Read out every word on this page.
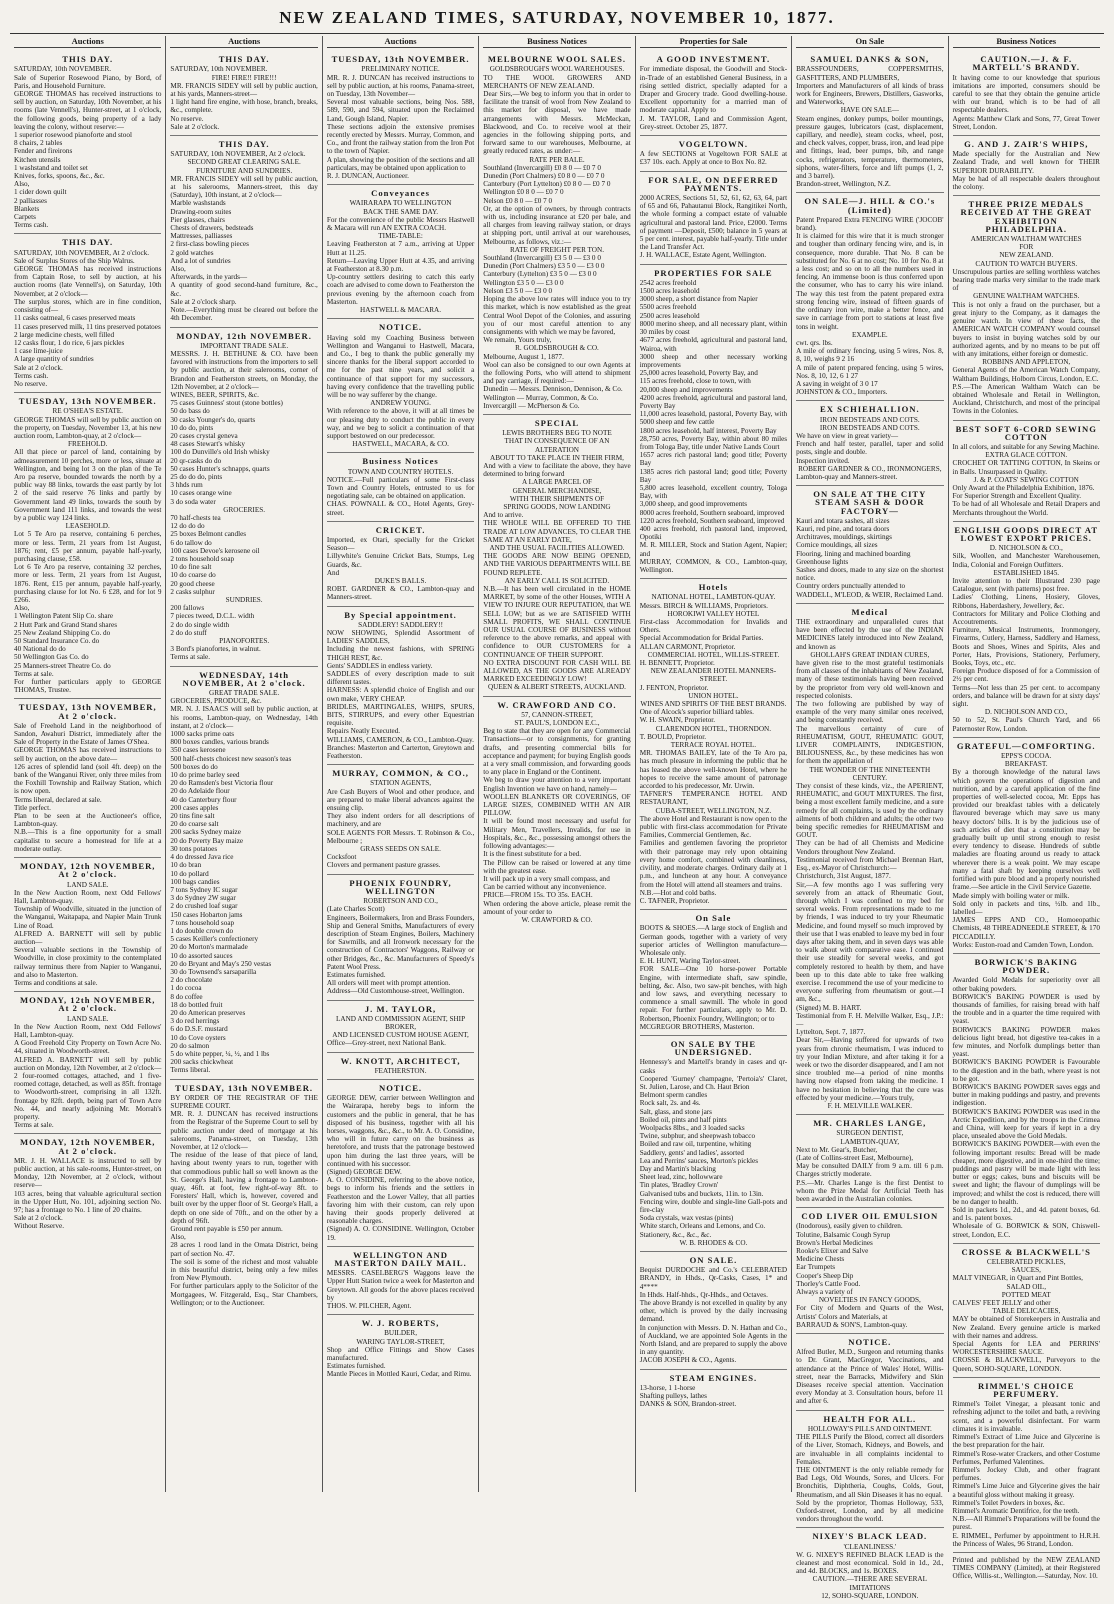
NEW ZEALAND TIMES, SATURDAY, NOVEMBER 10, 1877.
Auctions
THIS DAY.

SATURDAY, 10th NOVEMBER.

Sale of Superior Rosewood Piano, by Bord, of Paris, and Household Furniture.

GEORGE THOMAS has received instructions to sell by auction, on Saturday, 10th November, at his rooms (late Vennell's), Hunter-street, at 1 o'clock, the following goods, being property of a lady leaving the colony, without reserve:—

1 superior rosewood pianoforte and stool

8 chairs, 2 tables

Fender and fireirons

Kitchen utensils

1 washstand and toilet set

Knives, forks, spoons, &c., &c.

Also,

1 cider down quilt

2 palliasses

Blankets

Carpets

Terms cash.

THIS DAY.

SATURDAY, 10th NOVEMBER, At 2 o'clock.

Sale of Surplus Stores of the Ship Walrus.

GEORGE THOMAS has received instructions from Captain Rose, to sell by auction, at his auction rooms (late Vennell's), on Saturday, 10th November, at 2 o'clock—

The surplus stores, which are in fine condition, consisting of—

11 casks oatmeal, 6 cases preserved meats

11 cases preserved milk, 11 tins preserved potatoes

2 large medicine chests, well filled

12 casks flour, 1 do rice, 6 jars pickles

1 case lime-juice

A large quantity of sundries

Sale at 2 o'clock.

Terms cash.

No reserve.

TUESDAY, 13th NOVEMBER.

RE O'SHEA'S ESTATE.

GEORGE THOMAS will sell by public auction on the property, on Tuesday, November 13, at his new auction room, Lambton-quay, at 2 o'clock—

FREEHOLD.

All that piece or parcel of land, containing by admeasurement 10 perches, more or less, situate at Wellington, and being lot 3 on the plan of the Te Aro pa reserve, bounded towards the north by a public way 88 links, towards the east partly by lot 2 of the said reserve 76 links and partly by Government land 49 links, towards the south by Government land 111 links, and towards the west by a public way 124 links.

LEASEHOLD.

Lot 5 Te Aro pa reserve, containing 6 perches, more or less. Term, 21 years from 1st August, 1876; rent, £5 per annum, payable half-yearly, purchasing clause, £58.

Lot 6 Te Aro pa reserve, containing 32 perches, more or less. Term, 21 years from 1st August, 1876. Rent, £15 per annum, payable half-yearly, purchasing clause for lot No. 6 £28, and for lot 9 £266.

Also,

1 Wellington Patent Slip Co. share

2 Hutt Park and Grand Stand shares

25 New Zealand Shipping Co. do

50 Standard Insurance Co. do

40 National do do

50 Wellington Gas Co. do

25 Manners-street Theatre Co. do

Terms at sale.

For further particulars apply to GEORGE THOMAS, Trustee.

TUESDAY, 13th NOVEMBER, At 2 o'clock.

Sale of Freehold Land in the neighborhood of Sandon, Awahuri District, immediately after the Sale of Property in the Estate of James O'Shea.

GEORGE THOMAS has received instructions to sell by auction, on the above date—

126 acres of splendid land (soil 4ft. deep) on the bank of the Wanganui River, only three miles from the Foxhill Township and Railway Station, which is now open.

Terms liberal, declared at sale.

Title perfect.

Plan to be seen at the Auctioneer's office, Lambton-quay.

N.B.—This is a fine opportunity for a small capitalist to secure a homestead for life at a moderate outlay.

MONDAY, 12th NOVEMBER, At 2 o'clock.

LAND SALE.

In the New Auction Room, next Odd Fellows' Hall, Lambton-quay.

Township of Woodville, situated in the junction of the Wanganui, Waitapapa, and Napier Main Trunk Line of Road.

ALFRED A. BARNETT will sell by public auction—

Several valuable sections in the Township of Woodville, in close proximity to the contemplated railway terminus there from Napier to Wanganui, and also to Masterton.

Terms and conditions at sale.

MONDAY, 12th NOVEMBER, At 2 o'clock.

LAND SALE.

In the New Auction Room, next Odd Fellows' Hall, Lambton-quay.

A Good Freehold City Property on Town Acre No. 44, situated in Woodworth-street.

ALFRED A. BARNETT will sell by public auction on Monday, 12th November, at 2 o'clock—

2 four-roomed cottages, attached, and 1 five-roomed cottage, detached, as well as 85ft. frontage to Woodworth-street, comprising in all 132ft. frontage by 82ft. depth, being part of Town Acre No. 44, and nearly adjoining Mr. Morrah's property.

Terms at sale.

MONDAY, 12th NOVEMBER, At 2 o'clock.

MR. J. H. WALLACE is instructed to sell by public auction, at his sale-rooms, Hunter-street, on Monday, 12th November, at 2 o'clock, without reserve—

103 acres, being that valuable agricultural section in the Upper Hutt, No. 101, adjoining section No. 97; has a frontage to No. 1 line of 20 chains.

Sale at 2 o'clock.

Without Reserve.

Auctions
THIS DAY.

SATURDAY, 10th NOVEMBER.

FIRE! FIRE!! FIRE!!!

MR. FRANCIS SIDEY will sell by public auction, at his yards, Manners-street—

1 light hand fire engine, with hose, branch, breaks, &c., complete.

No reserve.

Sale at 2 o'clock.

THIS DAY.

SATURDAY, 10th NOVEMBER, At 2 o'clock.

SECOND GREAT CLEARING SALE.

FURNITURE AND SUNDRIES.

MR. FRANCIS SIDEY will sell by public auction, at his salerooms, Manners-street, this day (Saturday), 10th instant, at 2 o'clock—

Marble washstands

Drawing-room suites

Pier glasses, chairs

Chests of drawers, bedsteads

Mattresses, palliasses

2 first-class bowling pieces

2 gold watches

And a lot of sundries

Also,

Afterwards, in the yards—

A quantity of good second-hand furniture, &c., &c.

Sale at 2 o'clock sharp.

Note.—Everything must be cleared out before the 4th December.

MONDAY, 12th NOVEMBER.

IMPORTANT TRADE SALE.

MESSRS. J. H. BETHUNE & CO. have been favored with instructions from the importers to sell by public auction, at their salerooms, corner of Brandon and Featherston streets, on Monday, the 12th November, at 2 o'clock—

WINES, BEER, SPIRITS, &c.

75 cases Guinness' stout (stone bottles)

50 do bass do

30 casks Younger's do, quarts

10 do do, pints

20 cases crystal geneva

48 cases Stewart's whisky

100 do Dunville's old Irish whisky

20 qr-casks do do

50 cases Hunter's schnapps, quarts

25 do do do, pints

3 hhds rum

10 cases orange wine

3 do soda water

GROCERIES.

70 half-chests tea

12 do do do

25 boxes Belmont candles

6 do tallow do

100 cases Devoe's kerosene oil

2 tons household soap

10 do fine salt

10 do coarse do

20 good cheese

2 casks sulphur

SUNDRIES.

200 fallows

7 pieces tweed, D.C.L. width

2 do do single width

2 do do stuff

PIANOFORTES.

3 Bord's pianofortes, in walnut.

Terms at sale.

WEDNESDAY, 14th NOVEMBER, At 2 o'clock.

GREAT TRADE SALE.

GROCERIES, PRODUCE, &c.

MR. N. J. ISAACS will sell by public auction, at his rooms, Lambton-quay, on Wednesday, 14th instant, at 2 o'clock—

1000 sacks prime oats

800 boxes candles, various brands

350 cases kerosene

500 half-chests choicest new season's teas

500 boxes do do

10 do prime barley seed

20 do Ramsden's best Victoria flour

20 do Adelaide flour

40 do Canterbury flour

200 cases apples

20 tins fine salt

20 do coarse salt

200 sacks Sydney maize

20 do Poverty Bay maize

30 tons potatoes

4 do dressed Java rice

10 do bran

10 do pollard

100 bags candies

7 tons Sydney IC sugar

3 do Sydney 2W sugar

2 do crushed loaf sugar

150 cases Hobarton jams

7 tons household soap

1 do double crown do

5 cases Keiller's confectionery

20 do Morton's marmalade

10 do assorted sauces

20 do Bryant and May's 250 vestas

30 do Townsend's sarsaparilla

2 do chocolate

1 do cocoa

8 do coffee

18 do bottled fruit

20 do American preserves

3 do red herrings

6 do D.S.F. mustard

10 do Cove oysters

20 do salmon

5 do white pepper, ¼, ½, and 1 lbs

200 sacks chickwheat

Terms liberal.

TUESDAY, 13th NOVEMBER.

BY ORDER OF THE REGISTRAR OF THE SUPREME COURT.

MR. R. J. DUNCAN has received instructions from the Registrar of the Supreme Court to sell by public auction under deed of mortgage at his salerooms, Panama-street, on Tuesday, 13th November, at 12 o'clock—

The residue of the lease of that piece of land, having about twenty years to run, together with that commodious public hall so well known as the St. George's Hall, having a frontage to Lambton-quay, 46ft. at foot, few right-of-way 8ft. to Foresters' Hall, which is, however, covered and built over by the upper floor of St. George's Hall, a depth on one side of 70ft., and on the other by a depth of 96ft.

Ground rent payable is £50 per annum.

Also,

28 acres 1 rood land in the Omata District, being part of section No. 47.

The soil is some of the richest and most valuable in this beautiful district, being only a few miles from New Plymouth.

For further particulars apply to the Solicitor of the Mortgagees, W. Fitzgerald, Esq., Star Chambers, Wellington; or to the Auctioneer.

Auctions
TUESDAY, 13th NOVEMBER.

PRELIMINARY NOTICE.

MR. R. J. DUNCAN has received instructions to sell by public auction, at his rooms, Panama-street, on Tuesday, 13th November—

Several most valuable sections, being Nos. 588, 589, 590, and 594, situated upon the Reclaimed Land, Gough Island, Napier.

These sections adjoin the extensive premises recently erected by Messrs. Murray, Common, and Co., and front the railway station from the Iron Pot to the town of Napier.

A plan, showing the position of the sections and all particulars, may be obtained upon application to

R. J. DUNCAN, Auctioneer.

Conveyances

WAIRARAPA TO WELLINGTON

BACK THE SAME DAY.

For the convenience of the public Messrs Hastwell & Macara will run AN EXTRA COACH.

TIME-TABLE:

Leaving Featherston at 7 a.m., arriving at Upper Hutt at 11.25.

Return—Leaving Upper Hutt at 4.35, and arriving at Featherston at 8.30 p.m.

Up-country settlers desiring to catch this early coach are advised to come down to Featherston the previous evening by the afternoon coach from Masterton.

HASTWELL & MACARA.

NOTICE.

Having sold my Coaching Business between Wellington and Wanganui to Hastwell, Macara, and Co., I beg to thank the public generally my sincere thanks for the liberal support accorded to me for the past nine years, and solicit a continuance of that support for my successors, having every confidence that the travelling public will be no way sufferer by the change.

ANDREW YOUNG.

With reference to the above, it will at all times be our pleasing duty to conduct the public in every way, and we beg to solicit a continuation of that support bestowed on our predecessor.

HASTWELL, MACARA, & CO.

Business Notices

TOWN AND COUNTRY HOTELS.

NOTICE.—Full particulars of some First-class Town and Country Hotels, entrusted to us for negotiating sale, can be obtained on application.

CHAS. POWNALL & CO., Hotel Agents, Grey-street.

CRICKET.

Imported, ex Otari, specially for the Cricket Season—

Lillywhite's Genuine Cricket Bats, Stumps, Leg Guards, &c.

And

DUKE'S BALLS.

ROBT. GARDNER & CO., Lambton-quay and Manners-street.

By Special appointment.

SADDLERY! SADDLERY!!

NOW SHOWING, Splendid Assortment of LADIES' SADDLES,

Including the newest fashions, with SPRING THIGH REST, &c.

Gents' SADDLES in endless variety.

SADDLES of every description made to suit different tastes.

HARNESS: A splendid choice of English and our own make, VERY CHEAP.

BRIDLES, MARTINGALES, WHIPS, SPURS, BITS, STIRRUPS, and every other Equestrian requisite.

Repairs Neatly Executed.

WILLIAMS, CAMERON, & CO., Lambton-Quay.

Branches: Masterton and Carterton, Greytown and Featherston.

MURRAY, COMMON, & CO.,

STATION AGENTS,

Are Cash Buyers of Wool and other produce, and are prepared to make liberal advances against the ensuing clip.

They also indent orders for all descriptions of machinery, and are

SOLE AGENTS FOR Messrs. T. Robinson & Co., Melbourne ;

GRASS SEEDS ON SALE.

Cocksfoot

Clovers and permanent pasture grasses.

PHOENIX FOUNDRY, WELLINGTON

ROBERTSON AND CO.,

(Late Charles Scott)

Engineers, Boilermakers, Iron and Brass Founders, Ship and General Smiths, Manufacturers of every description of Steam Engines, Boilers, Machinery for Sawmills, and all Ironwork necessary for the construction of Contractors' Waggons, Railway or other Bridges, &c., &c. Manufacturers of Speedy's Patent Wool Press.

Estimates furnished.

All orders will meet with prompt attention.

Address—Old Customhouse-street, Wellington.

J. M. TAYLOR,

LAND AND COMMISSION AGENT, SHIP BROKER,

AND LICENSED CUSTOM HOUSE AGENT,

Office—Grey-street, next National Bank.

W. KNOTT, ARCHITECT,

FEATHERSTON.

NOTICE.

GEORGE DEW, carrier between Wellington and the Wairarapa, hereby begs to inform the customers and the public in general, that he has disposed of his business, together with all his horses, waggons, &c., &c., to Mr. A. O. Considine, who will in future carry on the business as heretofore, and trusts that the patronage bestowed upon him during the last three years, will be continued with his successor.

(Signed) GEORGE DEW.

A. O. CONSIDINE, referring to the above notice, begs to inform his friends and the settlers in Featherston and the Lower Valley, that all parties favoring him with their custom, can rely upon having their goods properly delivered at reasonable charges.

(Signed) A. O. CONSIDINE. Wellington, October 19.

WELLINGTON AND MASTERTON DAILY MAIL.

MESSRS. CASELBERG'S Waggons leave the Upper Hutt Station twice a week for Masterton and Greytown. All goods for the above places received by

THOS. W. PILCHER, Agent.

W. J. ROBERTS,

BUILDER,

WARING TAYLOR-STREET,

Shop and Office Fittings and Show Cases manufactured.

Estimates furnished.

Mantle Pieces in Mottled Kauri, Cedar, and Rimu.

Business Notices
MELBOURNE WOOL SALES.

GOLDSBROUGH'S WOOL WAREHOUSES.

TO THE WOOL GROWERS AND MERCHANTS OF NEW ZEALAND.

Dear Sirs,—We beg to inform you that in order to facilitate the transit of wool from New Zealand to this market for disposal, we have made arrangements with Messrs. McMeckan, Blackwood, and Co. to receive wool at their agencies in the following shipping ports, and forward same to our warehouses, Melbourne, at greatly reduced rates, as under:—

RATE PER BALE.

Southland (Invercargill) £0 8 0 — £0 7 0

Dunedin (Port Chalmers) £0 8 0 — £0 7 0

Canterbury (Port Lyttelton) £0 8 0 — £0 7 0

Wellington £0 8 0 — £0 7 0

Nelson £0 8 0 — £0 7 0

Or, at the option of owners, by through contracts with us, including insurance at £20 per bale, and all charges from leaving railway station, or drays at shipping port, until arrival at our warehouses, Melbourne, as follows, viz.:—

RATE OF FREIGHT PER TON.

Southland (Invercargill) £3 5 0 — £3 0 0

Dunedin (Port Chalmers) £3 5 0 — £3 0 0

Canterbury (Lyttelton) £3 5 0 — £3 0 0

Wellington £3 5 0 — £3 0 0

Nelson £3 5 0 — £3 0 0

Hoping the above low rates will induce you to try this market, which is now established as the great Central Wool Depot of the Colonies, and assuring you of our most careful attention to any consignments with which we may be favored,

We remain, Yours truly,

R. GOLDSBROUGH & CO.

Melbourne, August 1, 1877.

Wool can also be consigned to our own Agents at the following Ports, who will attend to shipment and pay carriage, if required:—

Dunedin — Messrs. Dennison, Dennison, & Co.

Wellington — Murray, Common, & Co.

Invercargill — McPherson & Co.

SPECIAL

LEWIS BROTHERS BEG TO NOTE

THAT IN CONSEQUENCE OF AN ALTERATION

ABOUT TO TAKE PLACE IN THEIR FIRM,

And with a view to facilitate the above, they have determined to bring forward

A LARGE PARCEL OF

GENERAL MERCHANDISE,

WITH THEIR SHIPMENTS OF

SPRING GOODS, NOW LANDING

And to arrive.

THE WHOLE WILL BE OFFERED TO THE TRADE AT LOW ADVANCES, TO CLEAR THE SAME AT AN EARLY DATE,

AND THE USUAL FACILITIES ALLOWED.

THE GOODS ARE NOW BEING OPENED, AND THE VARIOUS DEPARTMENTS WILL BE FOUND REPLETE.

AN EARLY CALL IS SOLICITED.

N.B.—It has been well circulated in the HOME MARKET, by some of the other Houses, WITH A VIEW TO INJURE OUR REPUTATION, that WE SELL LOW; but as we are SATISFIED WITH SMALL PROFITS, WE SHALL CONTINUE OUR USUAL COURSE OF BUSINESS without reference to the above remarks, and appeal with confidence to OUR CUSTOMERS for a CONTINUANCE OF THEIR SUPPORT.

NO EXTRA DISCOUNT FOR CASH WILL BE ALLOWED, AS THE GOODS ARE ALREADY MARKED EXCEEDINGLY LOW!

QUEEN & ALBERT STREETS, AUCKLAND.

W. CRAWFORD AND CO.

57, CANNON-STREET,

ST. PAUL'S, LONDON E.C.,

Beg to state that they are open for any Commercial Transactions—or to consignments, for granting drafts, and presenting commercial bills for acceptance and payment; for buying English goods at a very small commission, and forwarding goods to any place in England or the Continent.

We beg to draw your attention to a very important English Invention we have on hand, namely—

WOOLLEN BLANKETS OR COVERINGS, OF LARGE SIZES, COMBINED WITH AN AIR PILLOW.

It will be found most necessary and useful for Military Men, Travellers, Invalids, for use in Hospitals, &c., &c., possessing amongst others the following advantages:—

It is the finest substitute for a bed.

The Pillow can be raised or lowered at any time with the greatest ease.

It will pack up in a very small compass, and

Can be carried without any inconvenience.

PRICE—FROM 15s. TO 35s. EACH.

When ordering the above article, please remit the amount of your order to

W. CRAWFORD & CO.

Properties for Sale
A GOOD INVESTMENT.

For immediate disposal, the Goodwill and Stock-in-Trade of an established General Business, in a rising settled district, specially adapted for a Draper and Grocery trade. Good dwelling-house. Excellent opportunity for a married man of moderate capital. Apply to

J. M. TAYLOR, Land and Commission Agent, Grey-street. October 25, 1877.

VOGELTOWN.

A few SECTIONS at Vogeltown FOR SALE at £37 10s. each. Apply at once to Box No. 82.

FOR SALE, ON DEFERRED PAYMENTS.

2000 ACRES, Sections 51, 52, 61, 62, 63, 64, part of 65 and 66, Pahautanui Block, Rangitikei North, the whole forming a compact estate of valuable agricultural and pastoral land. Price, £2000. Terms of payment —Deposit, £500; balance in 5 years at 5 per cent. interest, payable half-yearly. Title under the Land Transfer Act.

J. H. WALLACE, Estate Agent, Wellington.

PROPERTIES FOR SALE

2542 acres freehold

1500 acres leasehold

3000 sheep, a short distance from Napier

5500 acres freehold

2500 acres leasehold

8000 merino sheep, and all necessary plant, within 30 miles by coast

4677 acres freehold, agricultural and pastoral land, Wairoa, with

3000 sheep and other necessary working improvements

25,000 acres leasehold, Poverty Bay, and

115 acres freehold, close to town, with

20,000 sheep and improvements

4200 acres freehold, agricultural and pastoral land, Poverty Bay

11,000 acres leasehold, pastoral, Poverty Bay, with 5000 sheep and few cattle

1800 acres leasehold, half interest, Poverty Bay

28,750 acres, Poverty Bay, within about 80 miles from Tologa Bay, title under Native Lands Court

1657 acres rich pastoral land; good title; Poverty Bay

1385 acres rich pastoral land; good title; Poverty Bay

5,800 acres leasehold, excellent country, Tologa Bay, with

3,000 sheep, and good improvements

8000 acres freehold, Southern seaboard, improved

1220 acres freehold, Southern seaboard, improved

400 acres freehold, rich pastoral land, improved, Opotiki

M. R. MILLER, Stock and Station Agent, Napier; and

MURRAY, COMMON, & CO., Lambton-quay, Wellington.

Hotels

NATIONAL HOTEL, LAMBTON-QUAY.

Messrs. BIRCH & WILLIAMS, Proprietors.

HOROKIWI VALLEY HOTEL

First-class Accommodation for Invalids and Others.

Special Accommodation for Bridal Parties.

ALLAN CARMONT, Proprietor.

COMMERCIAL HOTEL, WILLIS-STREET.

H. BENNETT, Proprietor.

NEW ZEALANDER HOTEL MANNERS-STREET.

J. FENTON, Proprietor.

UNION HOTEL.

WINES AND SPIRITS OF THE BEST BRANDS.

One of Alcock's superior billiard tables.

W. H. SWAIN, Proprietor.

CLARENDON HOTEL, THORNDON.

T. BOULD, Proprietor.

TERRACE ROYAL HOTEL.

MR. THOMAS BAILEY, late of the Te Aro pa, has much pleasure in informing the public that he has leased the above well-known Hotel, where he hopes to receive the same amount of patronage accorded to his predecessor, Mr. Urwin.

TAFNER'S TEMPERANCE HOTEL AND RESTAURANT,

CUBA-STREET, WELLINGTON, N.Z.

The above Hotel and Restaurant is now open to the public with first-class accommodation for Private Families, Commercial Gentlemen, &c.

Families and gentlemen favoring the proprietor with their patronage may rely upon obtaining every home comfort, combined with cleanliness, civility, and moderate charges. Ordinary daily at 1 p.m., and luncheon at any hour. A conveyance from the Hotel will attend all steamers and trains.

N.B.—Hot and cold baths.

C. TAFNER, Proprietor.

On Sale

BOOTS & SHOES.—A large stock of English and German goods, together with a variety of very superior articles of Wellington manufacture—Wholesale only.

E. H. HUNT, Waring Taylor-street.

FOR SALE—One 10 horse-power Portable Engine, with intermediate shaft, saw spindle, belting, &c. Also, two saw-pit benches, with high and low saws, and everything necessary to commence a small sawmill. The whole in good repair. For further particulars, apply to Mr. D. Robertson, Phoenix Foundry, Wellington; or to

MCGREGOR BROTHERS, Masterton.

ON SALE BY THE UNDERSIGNED.

Hennessy's and Martell's brandy in cases and qr-casks

Coopered 'Gurney' champagne, 'Pertoia's' Claret, St. Julien, Larose, and Ch. Haut Brion

Belmont sperm candles

Rock salt, 2s. and 4s.

Salt, glass, and stone jars

Boiled oil, pints and half pints

Woolpacks 8lbs., and 3 loaded sacks

Twine, subphur, and sheepwash tobacco

Boiled and raw oil, turpentine, whiting

Saddlery, gents' and ladies', assorted

Lea and Perrins' sauces, Morton's pickles

Day and Martin's blacking

Sheet lead, zinc, hollowware

Tin plates, 'Bradley Crown'

Galvanised tubs and buckets, 11in. to 13in.

Fencing wire, double and single-line Gall-pots and fire-clay

Soda crystals, wax vestas (pints)

White starch, Orleans and Lemons, and Co.

Stationery, &c., &c., &c.

W. B. RHODES & CO.

ON SALE.

Bequist DURDOCHE and Co.'s CELEBRATED BRANDY, in Hhds., Qr-Casks, Cases, 1* and 4****

In Hhds. Half-hhds., Qr-Hhds., and Octaves.

The above Brandy is not excelled in quality by any other, which is proved by the daily increasing demand.

In conjunction with Messrs. D. N. Hathan and Co., of Auckland, we are appointed Sole Agents in the North Island, and are prepared to supply the above in any quantity.

JACOB JOSEPH & CO., Agents.

STEAM ENGINES.

13-horse, 1 1-horse

Shafting pulleys, lathes

DANKS & SON, Brandon-street.

On Sale
SAMUEL DANKS & SON,

BRASSFOUNDERS, COPPERSMITHS, GASFITTERS, AND PLUMBERS,

Importers and Manufacturers of all kinds of brass work for Engineers, Brewers, Distillers, Gasworks, and Waterworks,

HAVE ON SALE—

Steam engines, donkey pumps, boiler mountings, pressure gauges, lubricators (cast, displacement, capillary, and needle), steam cocks, wheel, post, and check valves, copper, brass, iron, and lead pipe and fittings, lead, beer pumps, bib, and range cocks, refrigerators, temperature, thermometers, siphons, water-filters, force and lift pumps (1, 2, and 3 barrel).

Brandon-street, Wellington, N.Z.

ON SALE—J. HILL & CO.'s (Limited)

Patent Prepared Extra FENCING WIRE ('JOCOB' brand).

It is claimed for this wire that it is much stronger and tougher than ordinary fencing wire, and is, in consequence, more durable. That No. 8 can be substituted for No. 6 at no cost; No. 10 for No. 8 at a less cost; and so on to all the numbers used in fencing. An immense boon is thus conferred upon the consumer, who has to carry his wire inland. The way this test from the patent prepared extra strong fencing wire, instead of fifteen guards of the ordinary iron wire, make a better fence, and save in carriage from port to stations at least five tons in weight.

EXAMPLE.

cwt. qrs. lbs.

A mile of ordinary fencing, using 5 wires, Nos. 8, 8, 10, weighs 9 2 16

A mile of patent prepared fencing, using 5 wires, Nos. 8, 10, 12, 6 1 27

A saving in weight of 3 0 17

JOHNSTON & CO., Importers.

EX SCHIEHALLION.

IRON BEDSTEADS AND COTS.

IRON BEDSTEADS AND COTS.

We have on view in great variety—

French and half tester, parallel, taper and solid posts, single and double.

Inspection invited.

ROBERT GARDNER & CO., IRONMONGERS,

Lambton-quay and Manners-street.

ON SALE AT THE CITY STEAM SASH & DOOR FACTORY—

Kauri and totara sashes, all sizes

Kauri, red pine, and totara doors

Architraves, mouldings, skirtings

Cornice mouldings, all sizes

Flooring, lining and machined boarding

Greenhouse lights

Sashes and doors, made to any size on the shortest notice.

Country orders punctually attended to

WADDELL, M'LEOD, & WEIR, Reclaimed Land.

Medical

THE extraordinary and unparalleled cures that have been effected by the use of the INDIAN MEDICINES lately introduced into New Zealand, and known as

GHOLLAH'S GREAT INDIAN CURES,

have given rise to the most grateful testimonials from all classes of the inhabitants of New Zealand, many of these testimonials having been received by the proprietor from very old well-known and respected colonists.

The two following are published by way of example of the very many similar ones received, and being constantly received.

The marvellous certainty of cure of RHEUMATISM, GOUT, RHEUMATIC GOUT, LIVER COMPLAINTS, INDIGESTION, BILIOUSNESS, &c., by these medicines has won for them the appellation of

THE WONDER OF THE NINETEENTH CENTURY.

They consist of these kinds, viz., the APERIENT, RHEUMATIC, and GOUT MIXTURES. The first, being a most excellent family medicine, and a sure remedy for all complaints, is used by the ordinary ailments of both children and adults; the other two being specific remedies for RHEUMATISM and GOUT.

They can be had of all Chemists and Medicine Vendors throughout New Zealand.

Testimonial received from Michael Brennan Hart, Esq., ex-Mayor of Christchurch:—

Christchurch, 31st August, 1877.

Sir,—A few months ago I was suffering very severely from an attack of Rheumatic Gout, through which I was confined to my bed for several weeks. From representations made to me by friends, I was induced to try your Rheumatic Medicine, and found myself so much improved by their use that I was enabled to leave my bed in four days after taking them, and in seven days was able to walk about with comparative ease. I continued their use steadily for several weeks, and got completely restored to health by them, and have been up to this date able to take free walking exercise. I recommend the use of your medicine to everyone suffering from rheumatism or gout.—I am, &c.,

(Signed) M. B. HART.

Testimonial from F. H. Melville Walker, Esq., J.P.:—

Lyttelton, Sept. 7, 1877.

Dear Sir,—Having suffered for upwards of two years from chronic rheumatism, I was induced to try your Indian Mixture, and after taking it for a week or two the disorder disappeared, and I am not since troubled me—a period of nine months having now elapsed from taking the medicine. I have no hesitation in believing that the cure was effected by your medicine.—Yours truly,

F. H. MELVILLE WALKER.

MR. CHARLES LANGE,

SURGEON DENTIST,

LAMBTON-QUAY,

Next to Mr. Gear's, Butcher,

(Late of Collins-street East, Melbourne),

May be consulted DAILY from 9 a.m. till 6 p.m. Charges strictly moderate.

P.S.—Mr. Charles Lange is the first Dentist to whom the Prize Medal for Artificial Teeth has been awarded in the Australian colonies.

COD LIVER OIL EMULSION

(Inodorous), easily given to children.

Tolutine, Balsamic Cough Syrup

Brown's Herbal Medicines

Rooke's Elixer and Salve

Medicine Chests

Ear Trumpets

Cooper's Sheep Dip

Thorley's Cattle Food.

Always a variety of

NOVELTIES IN FANCY GOODS,

For City of Modern and Quarts of the West, Artists' Colors and Materials, at

BARRAUD & SON'S, Lambton-quay.

NOTICE.

Alfred Butler, M.D., Surgeon and returning thanks to Dr. Grant, MacGregor, Vaccinations, and attendance at the Prince of Wales' Hotel, Willis-street, near the Barracks, Midwifery and Skin Diseases receive special attention. Vaccination every Monday at 3. Consultation hours, before 11 and after 6.

HEALTH FOR ALL.

HOLLOWAY'S PILLS AND OINTMENT.

THE PILLS Purify the Blood, correct all disorders of the Liver, Stomach, Kidneys, and Bowels, and are invaluable in all complaints incidental to Females.

THE OINTMENT is the only reliable remedy for Bad Legs, Old Wounds, Sores, and Ulcers. For Bronchitis, Diphtheria, Coughs, Colds, Gout, Rheumatism, and all Skin Diseases it has no equal.

Sold by the proprietor, Thomas Holloway, 533, Oxford-street, London, and by all medicine vendors throughout the world.

NIXEY'S BLACK LEAD.

'CLEANLINESS.'

W. G. NIXEY'S REFINED BLACK LEAD is the cleanest and most economical. Sold in 1d., 2d., and 4d. BLOCKS, and 1s. BOXES.

CAUTION.—THERE ARE SEVERAL IMITATIONS

12, SOHO-SQUARE, LONDON.

Business Notices
CAUTION.—J. & F. MARTELL'S BRANDY.

It having come to our knowledge that spurious imitations are imported, consumers should be careful to see that they obtain the genuine article with our brand, which is to be had of all respectable dealers.

Agents: Matthew Clark and Sons, 77, Great Tower Street, London.

G. AND J. ZAIR'S WHIPS,

Made specially for the Australian and New Zealand Trade, and well known for THEIR SUPERIOR DURABILITY.

May be had of all respectable dealers throughout the colony.

THREE PRIZE MEDALS RECEIVED AT THE GREAT EXHIBITION PHILADELPHIA.

AMERICAN WALTHAM WATCHES

FOR

NEW ZEALAND.

CAUTION TO WATCH BUYERS.

Unscrupulous parties are selling worthless watches bearing trade marks very similar to the trade mark of

GENUINE WALTHAM WATCHES.

This is not only a fraud on the purchaser, but a great injury to the Company, as it damages the genuine watch. In view of these facts, the AMERICAN WATCH COMPANY would counsel buyers to insist in buying watches sold by our authorized agents, and by no means to be put off with any imitations, either foreign or domestic.

ROBBINS AND APPLETON,

General Agents of the American Watch Company, Waltham Buildings, Holborn Circus, London, E.C.

P.S.—The American Waltham Watch can be obtained Wholesale and Retail in Wellington, Auckland, Christchurch, and most of the principal Towns in the Colonies.

BEST SOFT 6-CORD SEWING COTTON

In all colors, and suitable for any Sewing Machine.

EXTRA GLACE COTTON.

CROCHET OR TATTING COTTON, In Skeins or in Balls. Unsurpassed in Quality.

J. & P. COATS' SEWING COTTON

Only Award at the Philadelphia Exhibition, 1876.

For Superior Strength and Excellent Quality.

To be had of all Wholesale and Retail Drapers and Merchants throughout the World.

ENGLISH GOODS DIRECT AT LOWEST EXPORT PRICES.

D. NICHOLSON & CO.,

Silk, Woollen, and Manchester Warehousemen, India, Colonial and Foreign Outfitters.

ESTABLISHED 1845.

Invite attention to their Illustrated 230 page Catalogue, sent (with patterns) post free.

Ladies' Clothing, Linens, Hosiery, Gloves, Ribbons, Haberdashery, Jewellery, &c.

Contractors for Military and Police Clothing and Accoutrements.

Furniture, Musical Instruments, Ironmongery, Firearms, Cutlery, Harness, Saddlery and Harness, Boots and Shoes, Wines and Spirits, Ales and Porter, Hats, Provisions, Stationery, Perfumery, Books, Toys, etc., etc.

Foreign Produce disposed of for a Commission of 2½ per cent.

Terms—Not less than 25 per cent. to accompany orders, and balance will be drawn for at sixty days' sight.

D. NICHOLSON AND CO.,

50 to 52, St. Paul's Church Yard, and 66 Paternoster Row, London.

GRATEFUL—COMFORTING.

EPPS'S COCOA.

BREAKFAST.

By a thorough knowledge of the natural laws which govern the operations of digestion and nutrition, and by a careful application of the fine properties of well-selected cocoa, Mr. Epps has provided our breakfast tables with a delicately flavoured beverage which may save us many heavy doctors' bills. It is by the judicious use of such articles of diet that a constitution may be gradually built up until strong enough to resist every tendency to disease. Hundreds of subtle maladies are floating around us ready to attack wherever there is a weak point. We may escape many a fatal shaft by keeping ourselves well fortified with pure blood and a properly nourished frame.—See article in the Civil Service Gazette.

Made simply with boiling water or milk.

Sold only in packets and tins, ½lb. and 1lb., labelled—

JAMES EPPS AND CO., Homoeopathic Chemists, 48 THREADNEEDLE STREET, & 170 PICCADILLY.

Works: Euston-road and Camden Town, London.

BORWICK'S BAKING POWDER.

Awarded Gold Medals for superiority over all other baking powders.

BORWICK'S BAKING POWDER is used by thousands of families, for raising bread with half the trouble and in a quarter the time required with yeast.

BORWICK'S BAKING POWDER makes delicious light bread, hot digestive tea-cakes in a few minutes, and Norfolk dumplings better than yeast.

BORWICK'S BAKING POWDER is Favourable to the digestion and in the bath, where yeast is not to be got.

BORWICK'S BAKING POWDER saves eggs and butter in making puddings and pastry, and prevents indigestion.

BORWICK'S BAKING POWDER was used in the Arctic Expedition, and by the troops in the Crimea and China, will keep for years if kept in a dry place, unsealed above the Gold Medals.

BORWICK'S BAKING POWDER—with even the following important results: Bread will be made cheaper, more digestive, and in one-third the time; puddings and pastry will be made light with less butter or eggs; cakes, buns and biscuits will be sweet and light; the flavour of dumplings will be improved; and whilst the cost is reduced, there will be no danger to health.

Sold in packets 1d., 2d., and 4d. patent boxes, 6d. and 1s. patent boxes.

Wholesale of G. BORWICK & SON, Chiswell-street, London, E.C.

CROSSE & BLACKWELL'S

CELEBRATED PICKLES,

SAUCES,

MALT VINEGAR, in Quart and Pint Bottles,

SALAD OIL,

POTTED MEAT

CALVES' FEET JELLY and other

TABLE DELICACIES,

MAY be obtained of Storekeepers in Australia and New Zealand. Every genuine article is marked with their names and address.

Special Agents for LEA and PERRINS' WORCESTERSHIRE SAUCE.

CROSSE & BLACKWELL, Purveyors to the Queen, SOHO-SQUARE, LONDON.

RIMMEL'S CHOICE PERFUMERY.

Rimmel's Toilet Vinegar, a pleasant tonic and refreshing adjunct to the toilet and bath, a reviving scent, and a powerful disinfectant. For warm climates it is invaluable.

Rimmel's Extract of Lime Juice and Glycerine is the best preparation for the hair.

Rimmel's Rose-water Crackers, and other Costume Perfumes, Perfumed Valentines.

Rimmel's Jockey Club, and other fragrant perfumes.

Rimmel's Lime Juice and Glycerine gives the hair a beautiful gloss without making it greasy.

Rimmel's Toilet Powders in boxes, &c.

Rimmel's Aromatic Dentifrice, for the teeth.

N.B.—All Rimmel's Preparations will be found the purest.

E. RIMMEL, Perfumer by appointment to H.R.H. the Princess of Wales, 96 Strand, London.

Printed and published by the NEW ZEALAND TIMES COMPANY (Limited), at their Registered Office, Willis-st., Wellington.—Saturday, Nov. 10.
